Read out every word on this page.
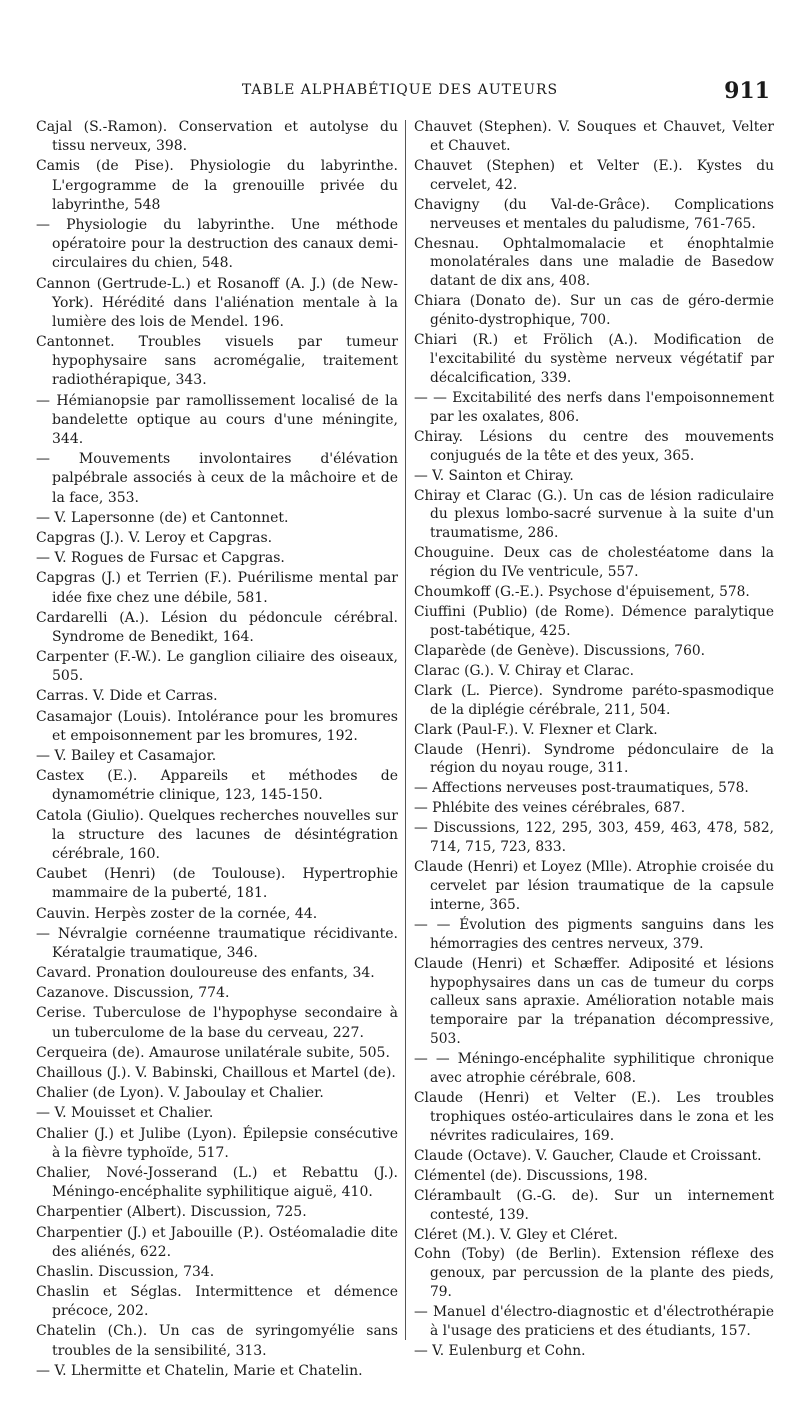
TABLE ALPHABÉTIQUE DES AUTEURS	911

Cajal (S.-Ramon). Conservation et autolyse du tissu nerveux, 398.

Camis (de Pise). Physiologie du labyrinthe. L'ergogramme de la grenouille privée du labyrinthe, 548

— Physiologie du labyrinthe. Une méthode opératoire pour la destruction des canaux demi-circulaires du chien, 548.

Cannon (Gertrude-L.) et Rosanoff (A. J.) (de New-York). Hérédité dans l'aliénation mentale à la lumière des lois de Mendel. 196.

Cantonnet. Troubles visuels par tumeur hypophysaire sans acromégalie, traitement radiothérapique, 343.

— Hémianopsie par ramollissement localisé de la bandelette optique au cours d'une méningite, 344.

— Mouvements involontaires d'élévation palpébrale associés à ceux de la mâchoire et de la face, 353.

— V. Lapersonne (de) et Cantonnet.

Capgras (J.). V. Leroy et Capgras.

— V. Rogues de Fursac et Capgras.

Capgras (J.) et Terrien (F.). Puérilisme mental par idée fixe chez une débile, 581.

Cardarelli (A.). Lésion du pédoncule cérébral. Syndrome de Benedikt, 164.

Carpenter (F.-W.). Le ganglion ciliaire des oiseaux, 505.

Carras. V. Dide et Carras.

Casamajor (Louis). Intolérance pour les bromures et empoisonnement par les bromures, 192.

— V. Bailey et Casamajor.

Castex (E.). Appareils et méthodes de dynamométrie clinique, 123, 145-150.

Catola (Giulio). Quelques recherches nouvelles sur la structure des lacunes de désintégration cérébrale, 160.

Caubet (Henri) (de Toulouse). Hypertrophie mammaire de la puberté, 181.

Cauvin. Herpès zoster de la cornée, 44.

— Névralgie cornéenne traumatique récidivante. Kératalgie traumatique, 346.

Cavard. Pronation douloureuse des enfants, 34.

Cazanove. Discussion, 774.

Cerise. Tuberculose de l'hypophyse secondaire à un tuberculome de la base du cerveau, 227.

Cerqueira (de). Amaurose unilatérale subite, 505.

Chaillous (J.). V. Babinski, Chaillous et Martel (de).

Chalier (de Lyon). V. Jaboulay et Chalier.

— V. Mouisset et Chalier.

Chalier (J.) et Julibe (Lyon). Épilepsie consécutive à la fièvre typhoïde, 517.

Chalier, Nové-Josserand (L.) et Rebattu (J.). Méningo-encéphalite syphilitique aiguë, 410.

Charpentier (Albert). Discussion, 725.

Charpentier (J.) et Jabouille (P.). Ostéomaladie dite des aliénés, 622.

Chaslin. Discussion, 734.

Chaslin et Séglas. Intermittence et démence précoce, 202.

Chatelin (Ch.). Un cas de syringomyélie sans troubles de la sensibilité, 313.

— V. Lhermitte et Chatelin, Marie et Chatelin.

Chauvet (Stephen). V. Souques et Chauvet, Velter et Chauvet.

Chauvet (Stephen) et Velter (E.). Kystes du cervelet, 42.

Chavigny (du Val-de-Grâce). Complications nerveuses et mentales du paludisme, 761-765.

Chesnau. Ophtalmomalacie et énophtalmie monolatérales dans une maladie de Basedow datant de dix ans, 408.

Chiara (Donato de). Sur un cas de géro-dermie génito-dystrophique, 700.

Chiari (R.) et Frölich (A.). Modification de l'excitabilité du système nerveux végétatif par décalcification, 339.

— — Excitabilité des nerfs dans l'empoisonnement par les oxalates, 806.

Chiray. Lésions du centre des mouvements conjugués de la tête et des yeux, 365.

— V. Sainton et Chiray.

Chiray et Clarac (G.). Un cas de lésion radiculaire du plexus lombo-sacré survenue à la suite d'un traumatisme, 286.

Chouguine. Deux cas de cholestéatome dans la région du IVe ventricule, 557.

Choumkoff (G.-E.). Psychose d'épuisement, 578.

Ciuffini (Publio) (de Rome). Démence paralytique post-tabétique, 425.

Claparède (de Genève). Discussions, 760.

Clarac (G.). V. Chiray et Clarac.

Clark (L. Pierce). Syndrome paréto-spasmodique de la diplégie cérébrale, 211, 504.

Clark (Paul-F.). V. Flexner et Clark.

Claude (Henri). Syndrome pédonculaire de la région du noyau rouge, 311.

— Affections nerveuses post-traumatiques, 578.

— Phlébite des veines cérébrales, 687.

— Discussions, 122, 295, 303, 459, 463, 478, 582, 714, 715, 723, 833.

Claude (Henri) et Loyez (Mlle). Atrophie croisée du cervelet par lésion traumatique de la capsule interne, 365.

— — Évolution des pigments sanguins dans les hémorragies des centres nerveux, 379.

Claude (Henri) et Schæffer. Adiposité et lésions hypophysaires dans un cas de tumeur du corps calleux sans apraxie. Amélioration notable mais temporaire par la trépanation décompressive, 503.

— — Méningo-encéphalite syphilitique chronique avec atrophie cérébrale, 608.

Claude (Henri) et Velter (E.). Les troubles trophiques ostéo-articulaires dans le zona et les névrites radiculaires, 169.

Claude (Octave). V. Gaucher, Claude et Croissant.

Clémentel (de). Discussions, 198.

Clérambault (G.-G. de). Sur un internement contesté, 139.

Cléret (M.). V. Gley et Cléret.

Cohn (Toby) (de Berlin). Extension réflexe des genoux, par percussion de la plante des pieds, 79.

— Manuel d'électro-diagnostic et d'électrothérapie à l'usage des praticiens et des étudiants, 157.

— V. Eulenburg et Cohn.
